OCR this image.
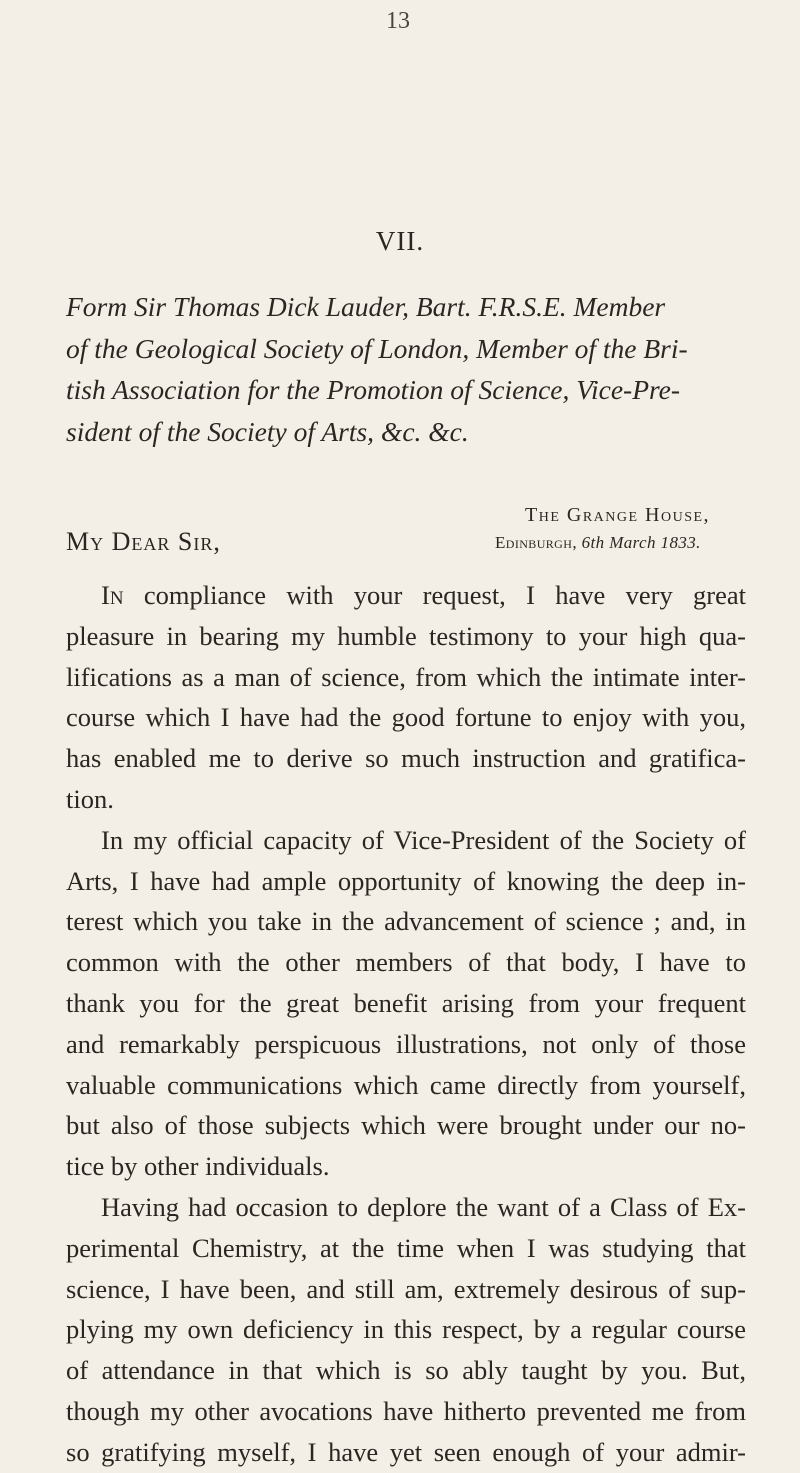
13
VII.
Form Sir Thomas Dick Lauder, Bart. F.R.S.E. Member
of the Geological Society of London, Member of the Bri-
tish Association for the Promotion of Science, Vice-Pre-
sident of the Society of Arts, &c. &c.
The Grange House,
Edinburgh, 6th March 1833.
My Dear Sir,
In compliance with your request, I have very great
pleasure in bearing my humble testimony to your high qua-
lifications as a man of science, from which the intimate inter-
course which I have had the good fortune to enjoy with you,
has enabled me to derive so much instruction and gratifica-
tion.
In my official capacity of Vice-President of the Society of
Arts, I have had ample opportunity of knowing the deep in-
terest which you take in the advancement of science ; and, in
common with the other members of that body, I have to
thank you for the great benefit arising from your frequent
and remarkably perspicuous illustrations, not only of those
valuable communications which came directly from yourself,
but also of those subjects which were brought under our no-
tice by other individuals.
Having had occasion to deplore the want of a Class of Ex-
perimental Chemistry, at the time when I was studying that
science, I have been, and still am, extremely desirous of sup-
plying my own deficiency in this respect, by a regular course
of attendance in that which is so ably taught by you. But,
though my other avocations have hitherto prevented me from
so gratifying myself, I have yet seen enough of your admir-
